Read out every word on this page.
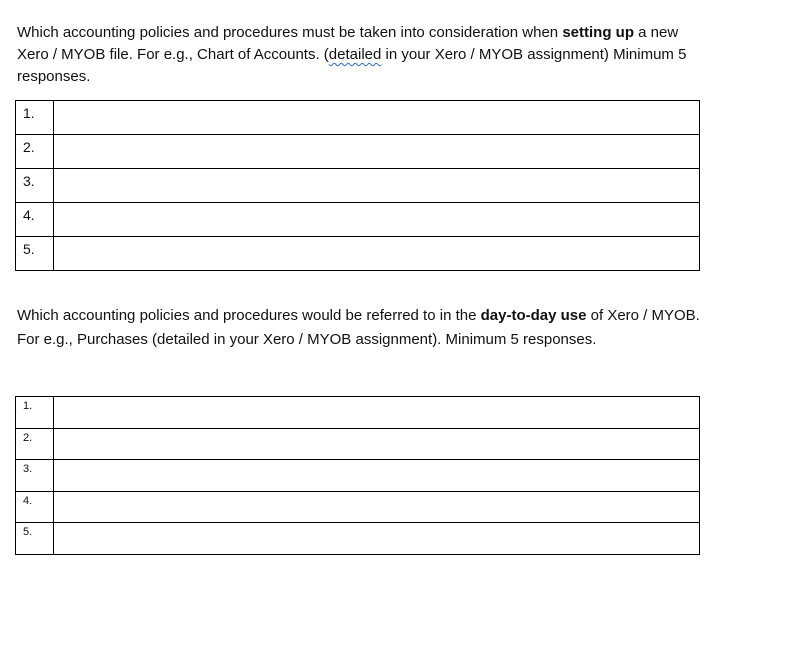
Which accounting policies and procedures must be taken into consideration when setting up a new Xero / MYOB file. For e.g., Chart of Accounts. (detailed in your Xero / MYOB assignment) Minimum 5 responses.

1.	
2.	
3.	
4.	
5.	

Which accounting policies and procedures would be referred to in the day-to-day use of Xero / MYOB. For e.g., Purchases (detailed in your Xero / MYOB assignment). Minimum 5 responses.

1.	
2.	
3.	
4.	
5.	
